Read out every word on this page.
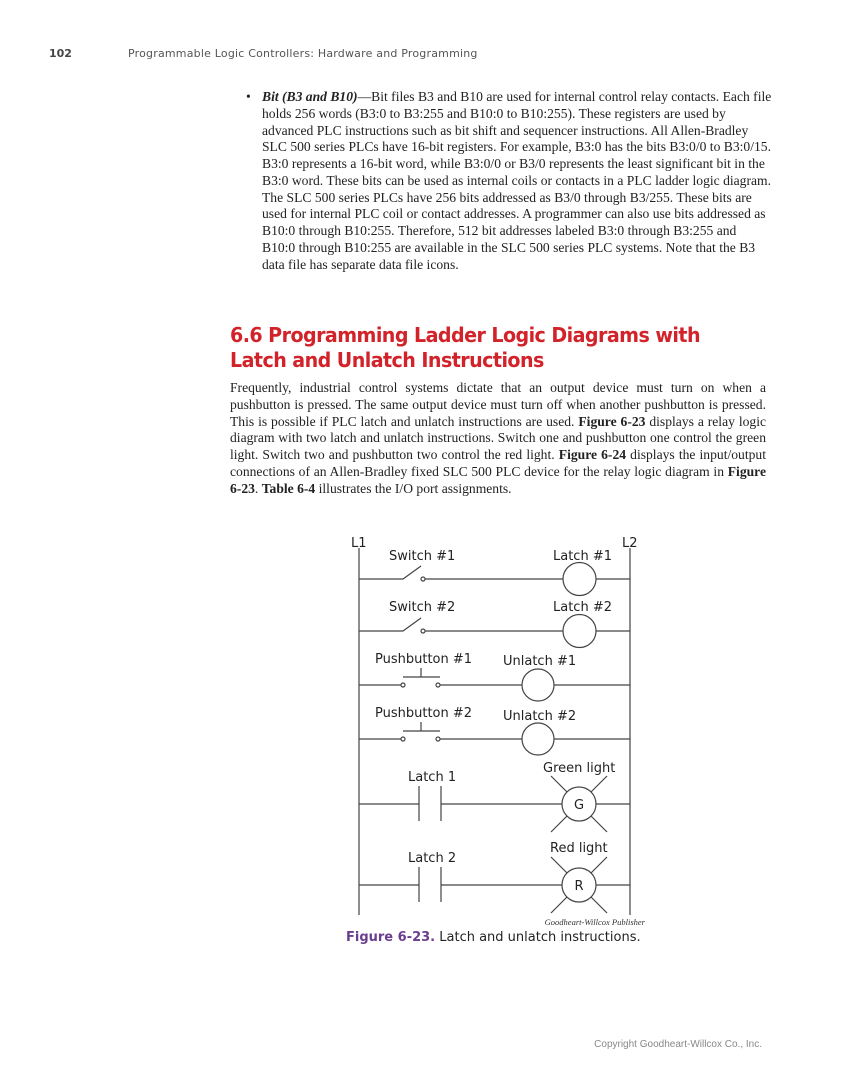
102	Programmable Logic Controllers: Hardware and Programming
• Bit (B3 and B10)—Bit files B3 and B10 are used for internal control relay contacts. Each file holds 256 words (B3:0 to B3:255 and B10:0 to B10:255). These registers are used by advanced PLC instructions such as bit shift and sequencer instructions. All Allen-Bradley SLC 500 series PLCs have 16-bit registers. For example, B3:0 has the bits B3:0/0 to B3:0/15. B3:0 represents a 16-bit word, while B3:0/0 or B3/0 represents the least significant bit in the B3:0 word. These bits can be used as internal coils or contacts in a PLC ladder logic diagram. The SLC 500 series PLCs have 256 bits addressed as B3/0 through B3/255. These bits are used for internal PLC coil or contact addresses. A programmer can also use bits addressed as B10:0 through B10:255. Therefore, 512 bit addresses labeled B3:0 through B3:255 and B10:0 through B10:255 are available in the SLC 500 series PLC systems. Note that the B3 data file has separate data file icons.
6.6 Programming Ladder Logic Diagrams with Latch and Unlatch Instructions
Frequently, industrial control systems dictate that an output device must turn on when a pushbutton is pressed. The same output device must turn off when another pushbutton is pressed. This is possible if PLC latch and unlatch instructions are used. Figure 6-23 displays a relay logic diagram with two latch and unlatch instructions. Switch one and pushbutton one control the green light. Switch two and pushbutton two control the red light. Figure 6-24 displays the input/output connections of an Allen-Bradley fixed SLC 500 PLC device for the relay logic diagram in Figure 6-23. Table 6-4 illustrates the I/O port assignments.
L1	L2
Switch #1	Latch #1
Switch #2	Latch #2
Pushbutton #1 Unlatch #1
Pushbutton #2 Unlatch #2
G
Latch 1
Green light
R
Latch 2
Red light
Goodheart-Willcox Publisher
Figure 6-23. Latch and unlatch instructions.
Copyright Goodheart-Willcox Co., Inc.
